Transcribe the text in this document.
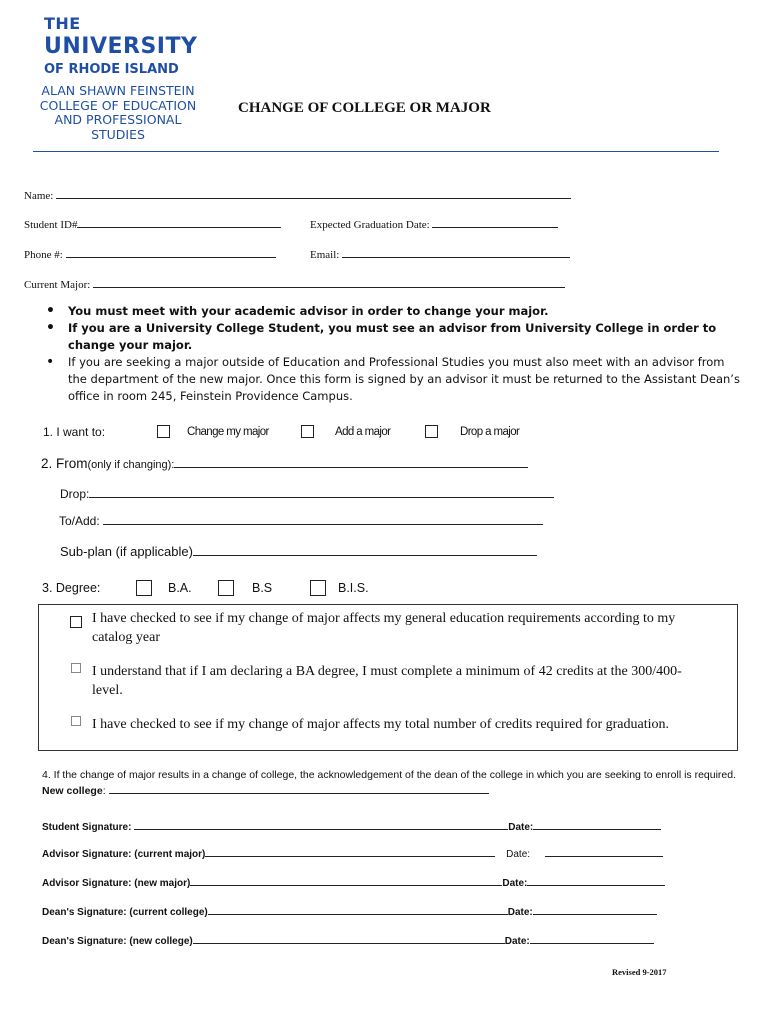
THE
UNIVERSITY
OF RHODE ISLAND
ALAN SHAWN FEINSTEIN COLLEGE OF EDUCATION AND PROFESSIONAL STUDIES
CHANGE OF COLLEGE OR MAJOR
Name:
Student ID#	Expected Graduation Date:
Phone #:	Email:
Current Major:
• You must meet with your academic advisor in order to change your major.
• If you are a University College Student, you must see an advisor from University College in order to change your major.
• If you are seeking a major outside of Education and Professional Studies you must also meet with an advisor from the department of the new major. Once this form is signed by an advisor it must be returned to the Assistant Dean’s office in room 245, Feinstein Providence Campus.
1. I want to:	Change my major	Add a major	Drop a major
2. From(only if changing):
Drop:
To/Add:
Sub-plan (if applicable)
3. Degree:	B.A.	B.S	B.I.S.
I have checked to see if my change of major affects my general education requirements according to my catalog year
I understand that if I am declaring a BA degree, I must complete a minimum of 42 credits at the 300/400-level.
I have checked to see if my change of major affects my total number of credits required for graduation.
4. If the change of major results in a change of college, the acknowledgement of the dean of the college in which you are seeking to enroll is required. New college:
Student Signature:	Date:
Advisor Signature: (current major)	Date:
Advisor Signature: (new major)	Date:
Dean's Signature: (current college)	Date:
Dean's Signature: (new college)	Date:
Revised 9-2017
